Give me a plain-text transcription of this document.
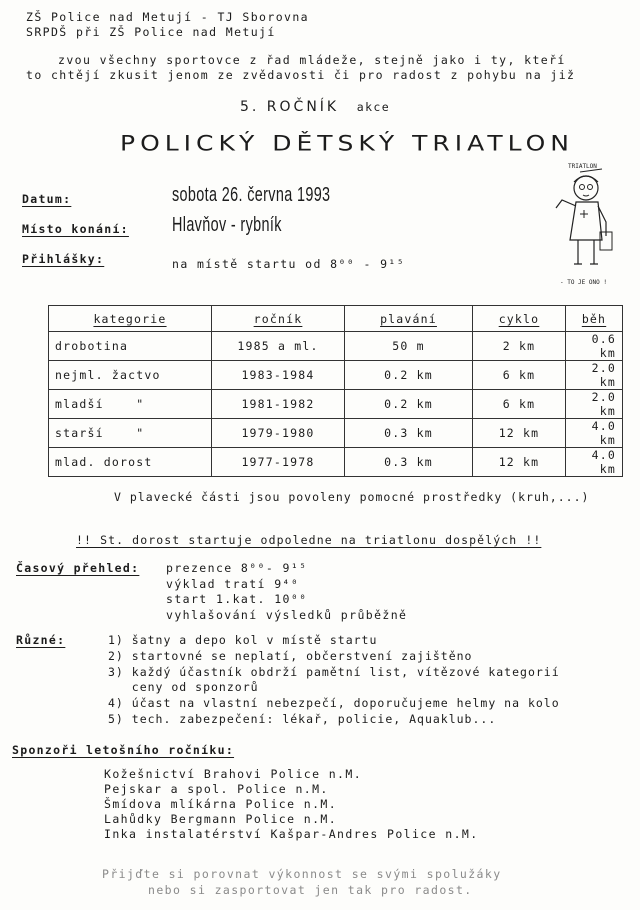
ZŠ Police nad Metují - TJ Sborovna
SRPDŠ při ZŠ Police nad Metují
zvou všechny sportovce z řad mládeže, stejně jako i ty, kteří
to chtějí zkusit jenom ze zvědavosti či pro radost z pohybu na již
5. ROČNÍK akce
POLICKÝ DĚTSKÝ TRIATLON
TRIATLON
- TO JE ONO !
Datum:	sobota 26. června 1993
Místo konání: Hlavňov - rybník
Přihlášky:	na místě startu od 8⁰⁰ - 9¹⁵
kategorie	ročník	plavání	cyklo	běh
drobotina	1985 a ml.	50 m	2 km	0.6 km
nejml. žactvo	1983-1984	0.2 km	6 km	2.0 km
mladší    "	1981-1982	0.2 km	6 km	2.0 km
starší    "	1979-1980	0.3 km	12 km	4.0 km
mlad. dorost	1977-1978	0.3 km	12 km	4.0 km
V plavecké části jsou povoleny pomocné prostředky (kruh,...)
!! St. dorost startuje odpoledne na triatlonu dospělých !!
Časový přehled: prezence 8⁰⁰- 9¹⁵
výklad tratí 9⁴⁰
start 1.kat. 10⁰⁰
vyhlašování výsledků průběžně
Různé:	1) šatny a depo kol v místě startu
2) startovné se neplatí, občerstvení zajištěno
3) každý účastník obdrží pamětní list, vítězové kategorií
ceny od sponzorů
4) účast na vlastní nebezpečí, doporučujeme helmy na kolo
5) tech. zabezpečení: lékař, policie, Aquaklub...
Sponzoři letošního ročníku:
Kožešnictví Brahovi Police n.M.
Pejskar a spol. Police n.M.
Šmídova mlíkárna Police n.M.
Lahůdky Bergmann Police n.M.
Inka instalatérství Kašpar-Andres Police n.M.
Přijďte si porovnat výkonnost se svými spolužáky
nebo si zasportovat jen tak pro radost.
